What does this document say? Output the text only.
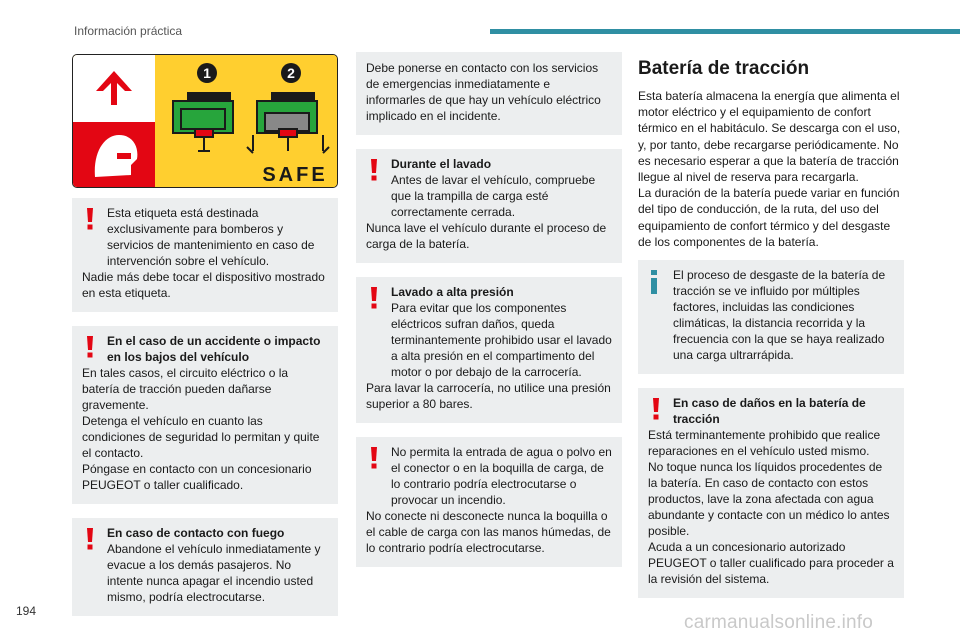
Información práctica
1	2
SAFE

Esta etiqueta está destinada exclusivamente para bomberos y servicios de mantenimiento en caso de intervención sobre el vehículo.

Nadie más debe tocar el dispositivo mostrado en esta etiqueta.

En el caso de un accidente o impacto en los bajos del vehículo

En tales casos, el circuito eléctrico o la batería de tracción pueden dañarse gravemente.

Detenga el vehículo en cuanto las condiciones de seguridad lo permitan y quite el contacto.

Póngase en contacto con un concesionario PEUGEOT o taller cualificado.

En caso de contacto con fuego

Abandone el vehículo inmediatamente y evacue a los demás pasajeros. No intente nunca apagar el incendio usted mismo, podría electrocutarse.

Debe ponerse en contacto con los servicios de emergencias inmediatamente e informarles de que hay un vehículo eléctrico implicado en el incidente.

Durante el lavado

Antes de lavar el vehículo, compruebe que la trampilla de carga esté correctamente cerrada.

Nunca lave el vehículo durante el proceso de carga de la batería.

Lavado a alta presión

Para evitar que los componentes eléctricos sufran daños, queda terminantemente prohibido usar el lavado a alta presión en el compartimento del motor o por debajo de la carrocería.

Para lavar la carrocería, no utilice una presión superior a 80 bares.

No permita la entrada de agua o polvo en el conector o en la boquilla de carga, de lo contrario podría electrocutarse o provocar un incendio.

No conecte ni desconecte nunca la boquilla o el cable de carga con las manos húmedas, de lo contrario podría electrocutarse.

Batería de tracción

Esta batería almacena la energía que alimenta el motor eléctrico y el equipamiento de confort térmico en el habitáculo. Se descarga con el uso, y, por tanto, debe recargarse periódicamente. No es necesario esperar a que la batería de tracción llegue al nivel de reserva para recargarla.

La duración de la batería puede variar en función del tipo de conducción, de la ruta, del uso del equipamiento de confort térmico y del desgaste de los componentes de la batería.

El proceso de desgaste de la batería de tracción se ve influido por múltiples factores, incluidas las condiciones climáticas, la distancia recorrida y la frecuencia con la que se haya realizado una carga ultrarrápida.

En caso de daños en la batería de tracción

Está terminantemente prohibido que realice reparaciones en el vehículo usted mismo.

No toque nunca los líquidos procedentes de la batería. En caso de contacto con estos productos, lave la zona afectada con agua abundante y contacte con un médico lo antes posible.

Acuda a un concesionario autorizado PEUGEOT o taller cualificado para proceder a la revisión del sistema.

194
carmanualsonline.info
